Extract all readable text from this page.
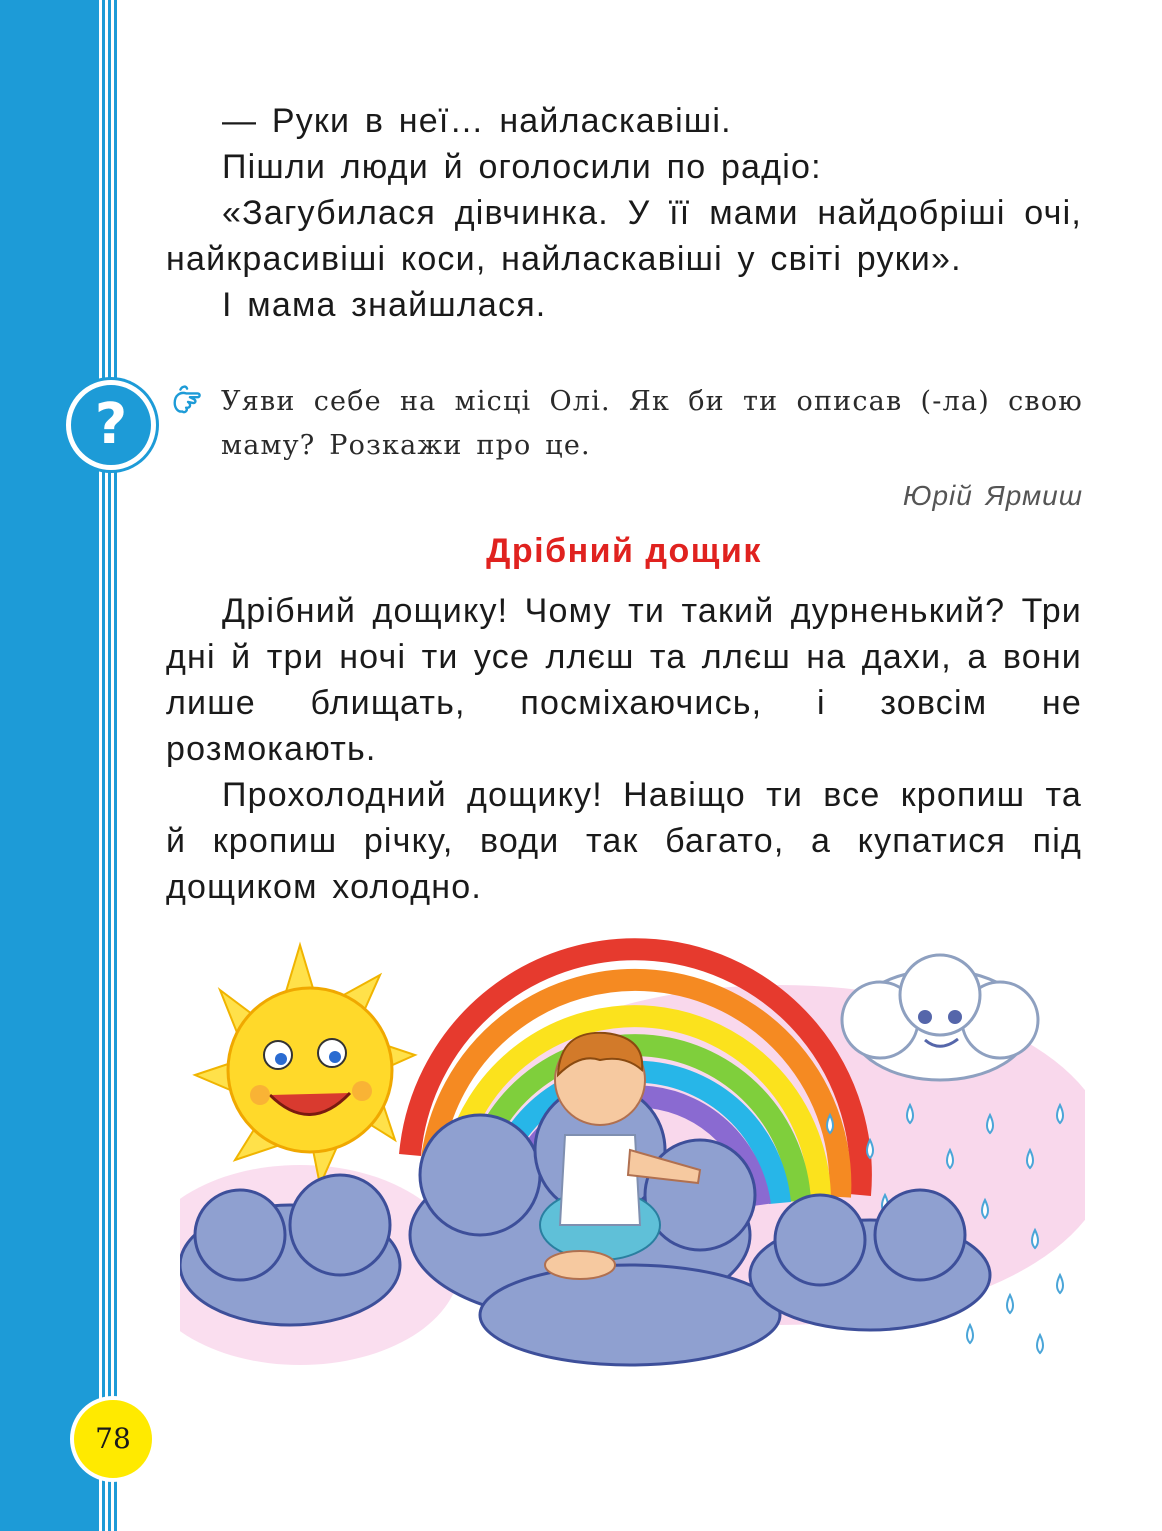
— Руки в неї… найласкавіші.

Пішли люди й оголосили по радіо:

«Загубилася дівчинка. У її мами найдобріші очі, найкрасивіші коси, найласкавіші у світі руки».

І мама знайшлася.

?	Уяви себе на місці Олі. Як би ти описав (-ла) свою маму? Розкажи про це.
Юрій Ярмиш
Дрібний дощик

Дрібний дощику! Чому ти такий дурненький? Три дні й три ночі ти усе ллєш та ллєш на дахи, а вони лише блищать, посміхаючись, і зовсім не розмокають.

Прохолодний дощику! Навіщо ти все кропиш та й кропиш річку, води так багато, а купатися під дощиком холодно.

78
